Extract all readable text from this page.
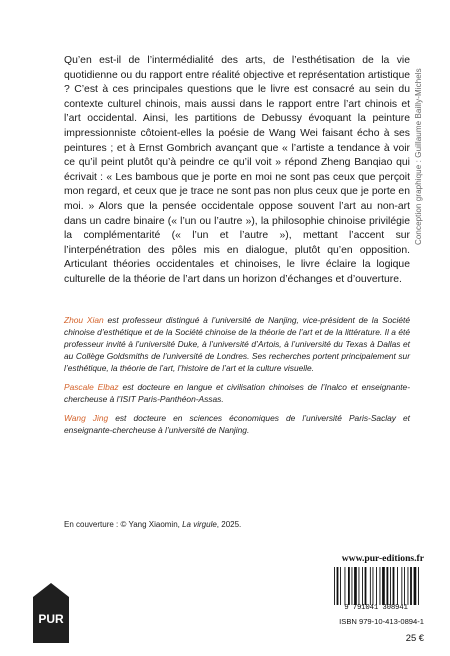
Qu’en est-il de l’intermédialité des arts, de l’esthétisation de la vie quotidienne ou du rapport entre réalité objective et représentation artistique ? C’est à ces principales questions que le livre est consacré au sein du contexte culturel chinois, mais aussi dans le rapport entre l’art chinois et l’art occidental. Ainsi, les partitions de Debussy évoquant la peinture impressionniste côtoient-elles la poésie de Wang Wei faisant écho à ses peintures ; et à Ernst Gombrich avançant que « l’artiste a tendance à voir ce qu’il peint plutôt qu’à peindre ce qu’il voit » répond Zheng Banqiao qui écrivait : « Les bambous que je porte en moi ne sont pas ceux que perçoit mon regard, et ceux que je trace ne sont pas non plus ceux que je porte en moi. » Alors que la pensée occidentale oppose souvent l’art au non-art dans un cadre binaire (« l’un ou l’autre »), la philosophie chinoise privilégie la complémentarité (« l’un et l’autre »), mettant l’accent sur l’interpénétration des pôles mis en dialogue, plutôt qu’en opposition. Articulant théories occidentales et chinoises, le livre éclaire la logique culturelle de la théorie de l’art dans un horizon d’échanges et d’ouverture.

Conception graphique : Guillaume Bailly-Michels

Zhou Xian est professeur distingué à l’université de Nanjing, vice-président de la Société chinoise d’esthétique et de la Société chinoise de la théorie de l’art et de la littérature. Il a été professeur invité à l’université Duke, à l’université d’Artois, à l’université du Texas à Dallas et au Collège Goldsmiths de l’université de Londres. Ses recherches portent principalement sur l’esthétique, la théorie de l’art, l’histoire de l’art et la culture visuelle.

Pascale Elbaz est docteure en langue et civilisation chinoises de l’Inalco et enseignante-chercheuse à l’ISIT Paris-Panthéon-Assas.

Wang Jing est docteure en sciences économiques de l’université Paris-Saclay et enseignante-chercheuse à l’université de Nanjing.

En couverture : © Yang Xiaomin, La virgule, 2025.
PUR
www.pur-editions.fr
9 791041 308941
ISBN 979-10-413-0894-1
25 €
